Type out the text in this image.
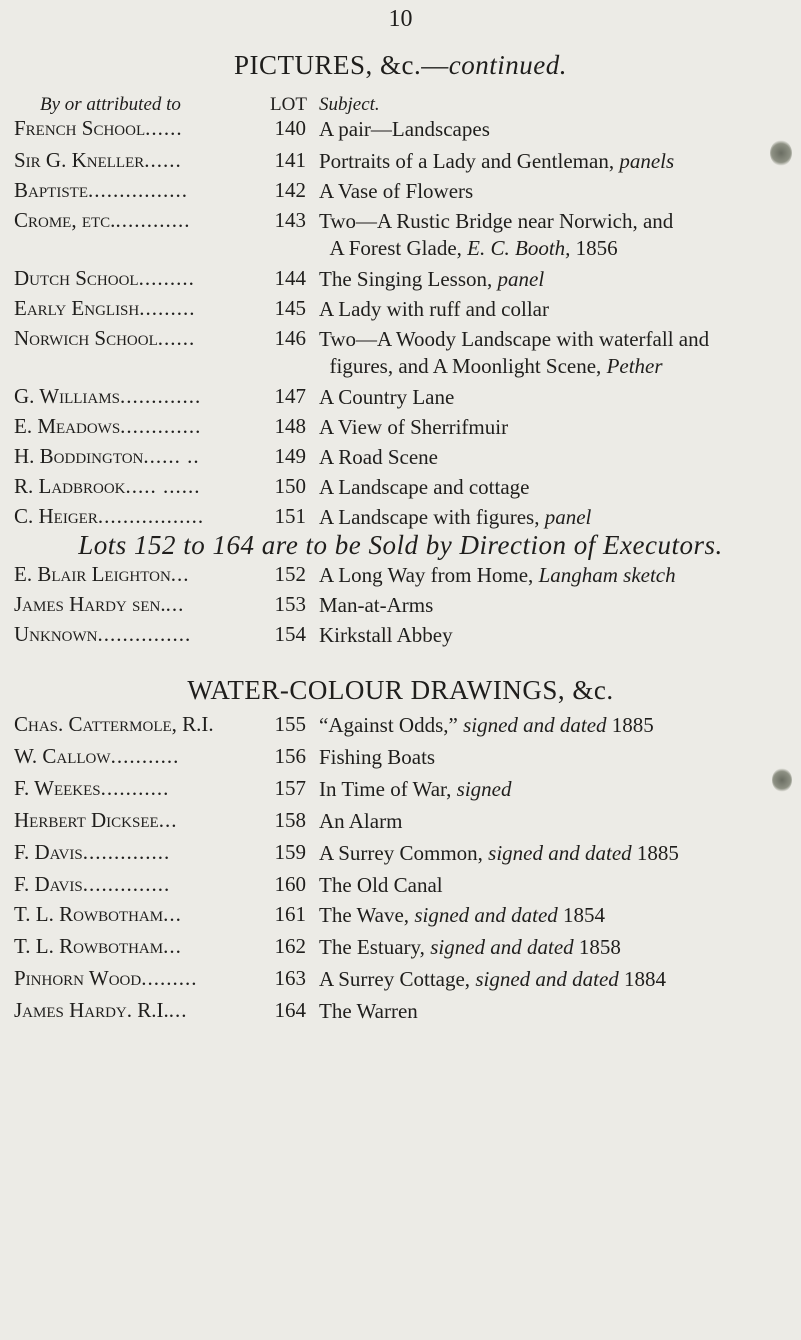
10
PICTURES, &c.—continued.
By or attributed to	LOT Subject.
French School......	140 A pair—Landscapes
Sir G. Kneller......	141 Portraits of a Lady and Gentleman, panels
Baptiste................	142 A Vase of Flowers
Crome, etc.............	143 Two—A Rustic Bridge near Norwich, and
A Forest Glade, E. C. Booth, 1856
Dutch School.........	144 The Singing Lesson, panel
Early English.........	145 A Lady with ruff and collar
Norwich School......	146 Two—A Woody Landscape with waterfall and
figures, and A Moonlight Scene, Pether
G. Williams.............	147 A Country Lane
E. Meadows.............	148 A View of Sherrifmuir
H. Boddington...... ..	149 A Road Scene
R. Ladbrook..... ......	150 A Landscape and cottage
C. Heiger.................	151 A Landscape with figures, panel
Lots 152 to 164 are to be Sold by Direction of Executors.
E. Blair Leighton...	152 A Long Way from Home, Langham sketch
James Hardy sen....	153 Man-at-Arms
Unknown...............	154 Kirkstall Abbey
WATER-COLOUR DRAWINGS, &c.
Chas. Cattermole, R.I.	155 “Against Odds,” signed and dated 1885
W. Callow...........	156 Fishing Boats
F. Weekes...........	157 In Time of War, signed
Herbert Dicksee...	158 An Alarm
F. Davis..............	159 A Surrey Common, signed and dated 1885
F. Davis..............	160 The Old Canal
T. L. Rowbotham...	161 The Wave, signed and dated 1854
T. L. Rowbotham...	162 The Estuary, signed and dated 1858
Pinhorn Wood.........	163 A Surrey Cottage, signed and dated 1884
James Hardy. R.I....	164 The Warren
